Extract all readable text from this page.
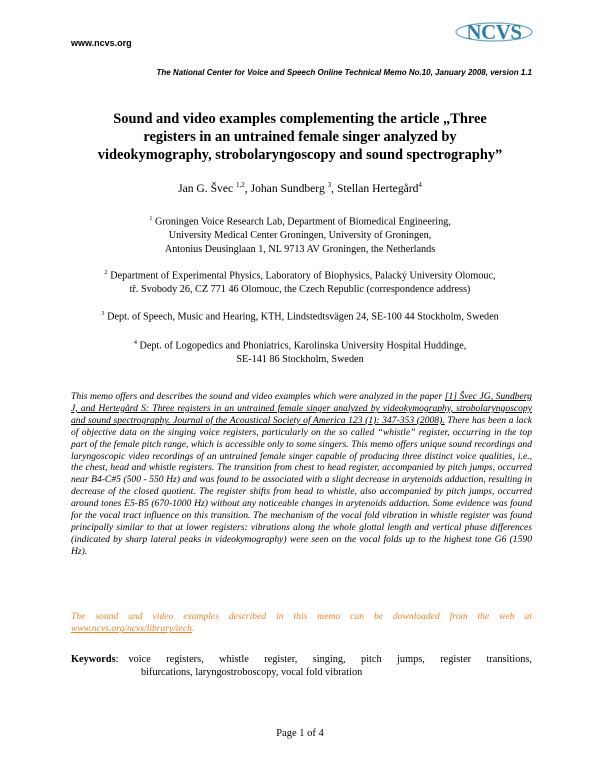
www.ncvs.org	NCVS
The National Center for Voice and Speech Online Technical Memo No.10, January 2008, version 1.1
Sound and video examples complementing the article „Three
registers in an untrained female singer analyzed by
videokymography, strobolaryngoscopy and sound spectrography”
Jan G. Švec $^{1,2}$, Johan Sundberg $^3$, Stellan Hertegård$^4$
$^1$ Groningen Voice Research Lab, Department of Biomedical Engineering,
University Medical Center Groningen, University of Groningen,
Antonius Deusinglaan 1, NL 9713 AV Groningen, the Netherlands
$^2$ Department of Experimental Physics, Laboratory of Biophysics, Palacký University Olomouc,
tř. Svobody 26, CZ 771 46 Olomouc, the Czech Republic (correspondence address)
$^3$ Dept. of Speech, Music and Hearing, KTH, Lindstedtsvägen 24, SE-100 44 Stockholm, Sweden
$^4$ Dept. of Logopedics and Phoniatrics, Karolinska University Hospital Huddinge,
SE-141 86 Stockholm, Sweden
This memo offers and describes the sound and video examples which were analyzed in the paper [1] Švec JG, Sundberg J, and Hertegård S: Three registers in an untrained female singer analyzed by videokymography, strobolaryngoscopy and sound spectrography. Journal of the Acoustical Society of America 123 (1): 347-353 (2008). There has been a lack of objective data on the singing voice registers, particularly on the so called “whistle” register, occurring in the top part of the female pitch range, which is accessible only to some singers. This memo offers unique sound recordings and laryngoscopic video recordings of an untrained female singer capable of producing three distinct voice qualities, i.e., the chest, head and whistle registers. The transition from chest to head register, accompanied by pitch jumps, occurred near B4-C#5 (500 - 550 Hz) and was found to be associated with a slight decrease in arytenoids adduction, resulting in decrease of the closed quotient. The register shifts from head to whistle, also accompanied by pitch jumps, occurred around tones E5-B5 (670-1000 Hz) without any noticeable changes in arytenoids adduction. Some evidence was found for the vocal tract influence on this transition. The mechanism of the vocal fold vibration in whistle register was found principally similar to that at lower registers: vibrations along the whole glottal length and vertical phase differences (indicated by sharp lateral peaks in videokymography) were seen on the vocal folds up to the highest tone G6 (1590 Hz).
The sound and video examples described in this memo can be downloaded from the web at www.ncvs.org/ncvs/library/tech.
Keywords: voice registers, whistle register, singing, pitch jumps, register transitions,
bifurcations, laryngostroboscopy, vocal fold vibration
Page 1 of 4
